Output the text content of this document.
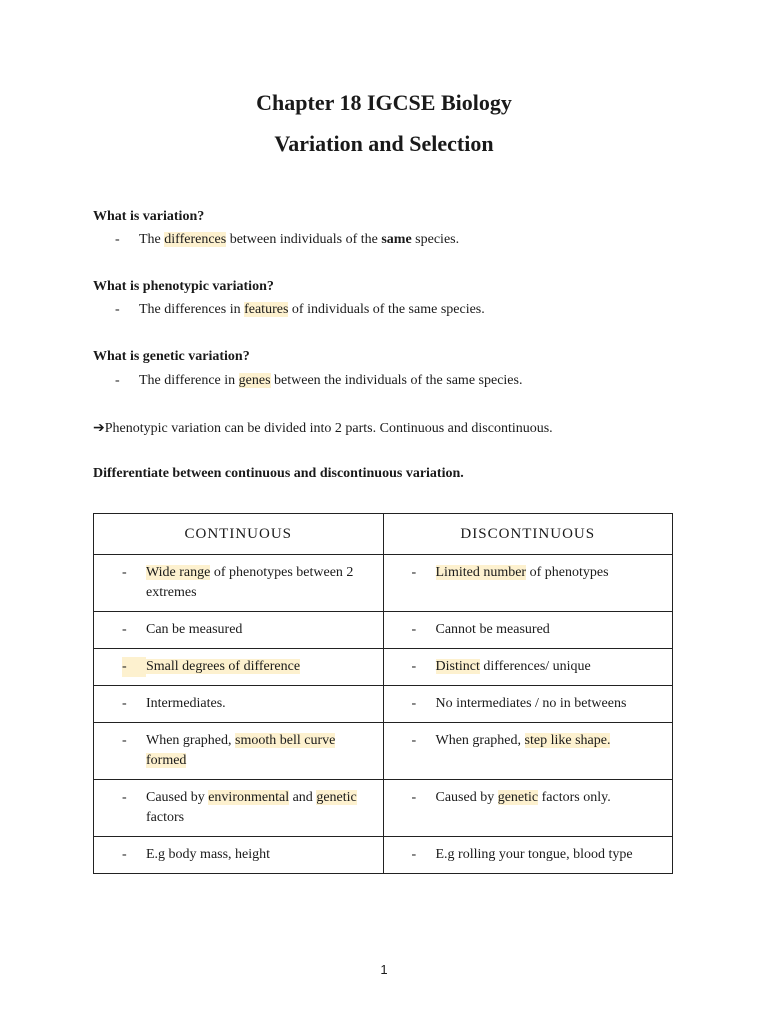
Chapter 18 IGCSE Biology
Variation and Selection
What is variation?
- The differences between individuals of the same species.
What is phenotypic variation?
- The differences in features of individuals of the same species.
What is genetic variation?
- The difference in genes between the individuals of the same species.
➔Phenotypic variation can be divided into 2 parts. Continuous and discontinuous.
Differentiate between continuous and discontinuous variation.
CONTINUOUS	DISCONTINUOUS

- Wide range of phenotypes between 2 extremes	- Limited number of phenotypes

- Can be measured	- Cannot be measured

- Small degrees of difference	- Distinct differences/ unique

- Intermediates.	- No intermediates / no in betweens

- When graphed, smooth bell curve formed	- When graphed, step like shape.

- Caused by environmental and genetic factors	- Caused by genetic factors only.

- E.g body mass, height	- E.g rolling your tongue, blood type
1
